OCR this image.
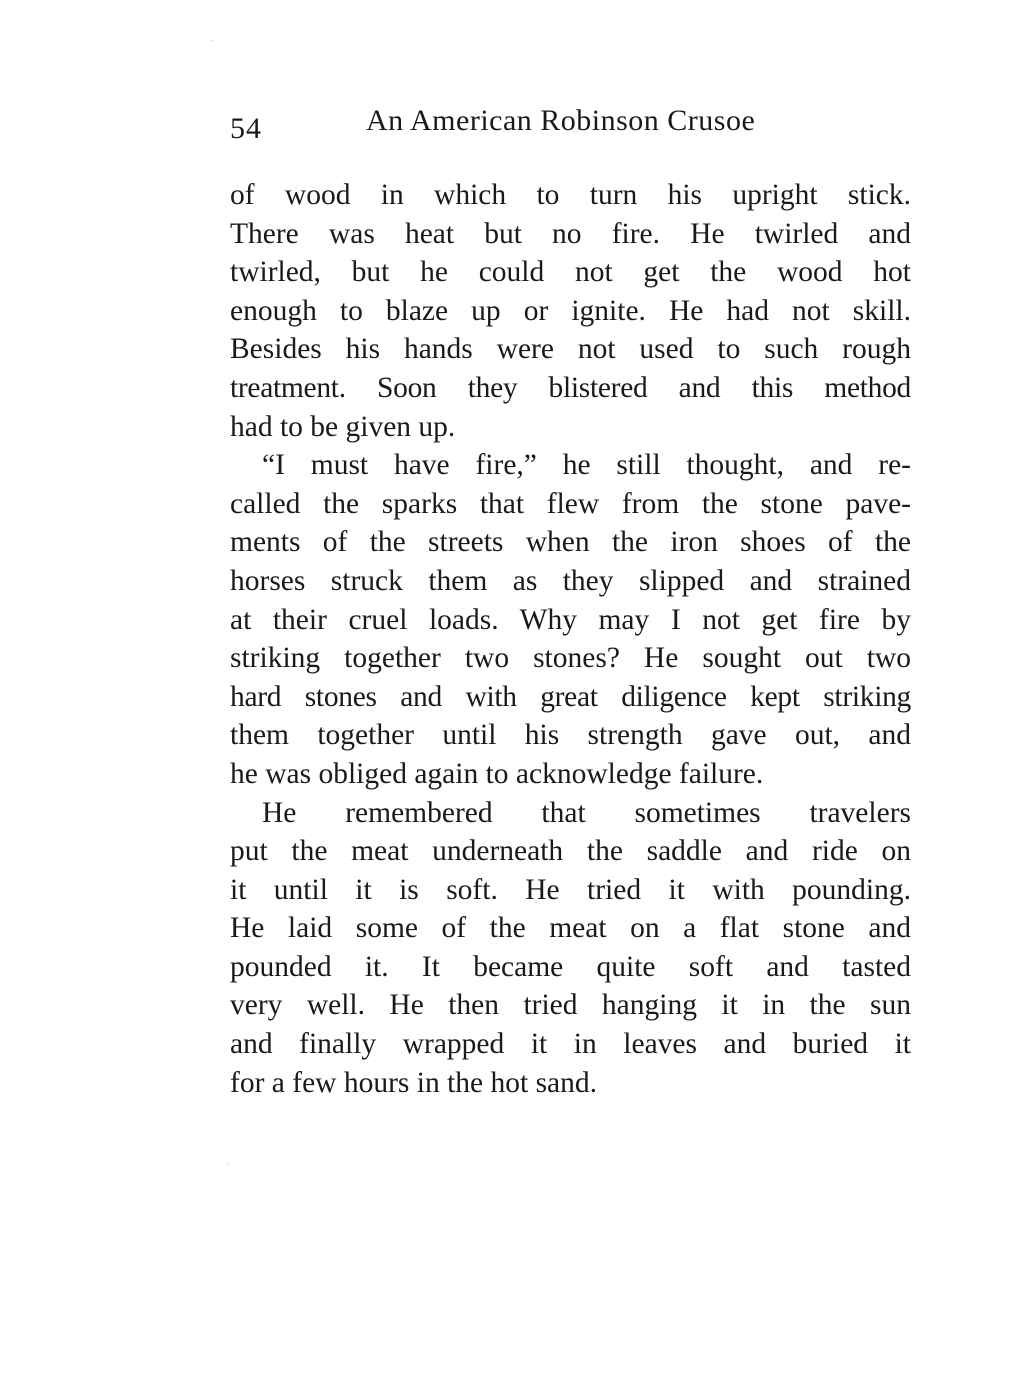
54	An American Robinson Crusoe
of wood in which to turn his upright stick.
There was heat but no fire. He twirled and
twirled, but he could not get the wood hot
enough to blaze up or ignite. He had not skill.
Besides his hands were not used to such rough
treatment. Soon they blistered and this method
had to be given up.
“I must have fire,” he still thought, and re-
called the sparks that flew from the stone pave-
ments of the streets when the iron shoes of the
horses struck them as they slipped and strained
at their cruel loads. Why may I not get fire by
striking together two stones? He sought out two
hard stones and with great diligence kept striking
them together until his strength gave out, and
he was obliged again to acknowledge failure.
He remembered that sometimes travelers
put the meat underneath the saddle and ride on
it until it is soft. He tried it with pounding.
He laid some of the meat on a flat stone and
pounded it. It became quite soft and tasted
very well. He then tried hanging it in the sun
and finally wrapped it in leaves and buried it
for a few hours in the hot sand.
